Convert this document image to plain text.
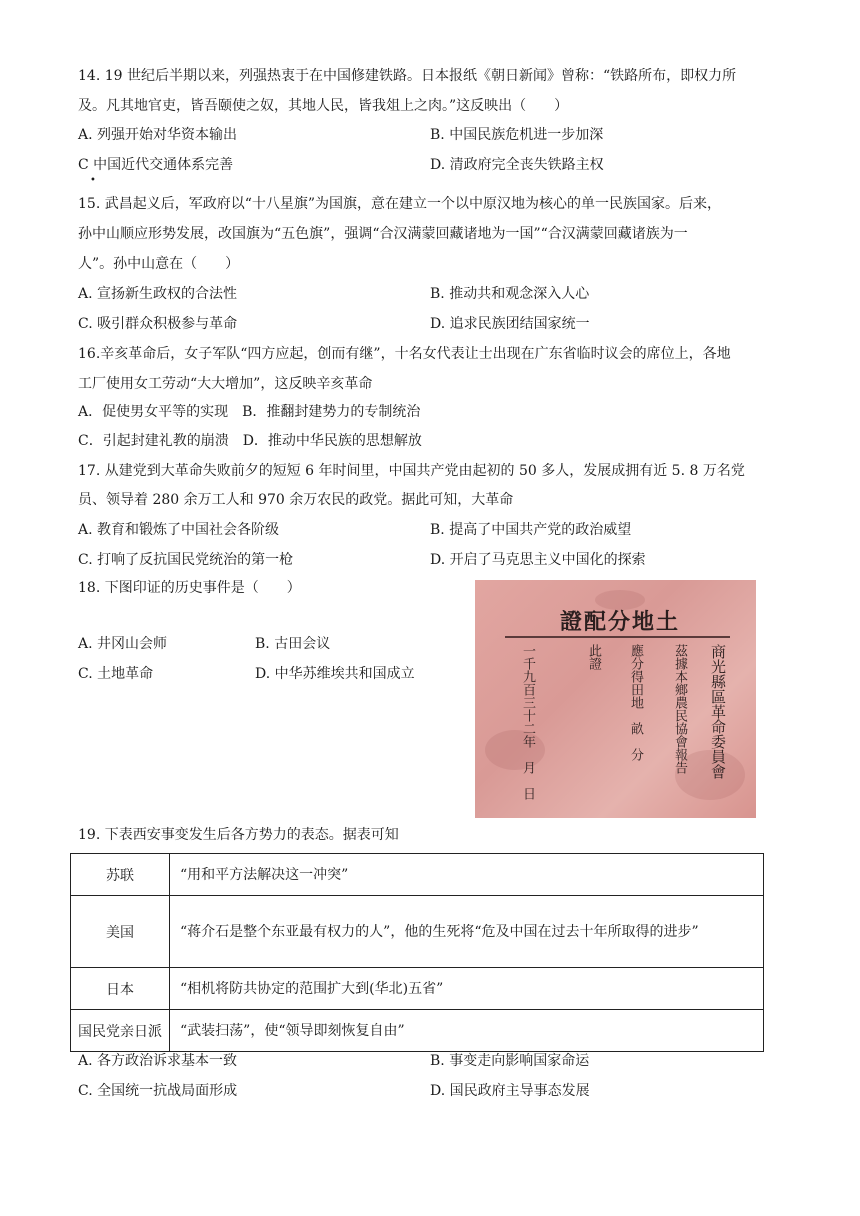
14. 19 世纪后半期以来，列强热衷于在中国修建铁路。日本报纸《朝日新闻》曾称：“铁路所布，即权力所
及。凡其地官吏，皆吾颐使之奴，其地人民，皆我俎上之肉。”这反映出（　　）
A. 列强开始对华资本输出	B. 中国民族危机进一步加深
C 中国近代交通体系完善
•
D. 清政府完全丧失铁路主权
15. 武昌起义后，军政府以“十八星旗”为国旗，意在建立一个以中原汉地为核心的单一民族国家。后来，
孙中山顺应形势发展，改国旗为“五色旗”，强调“合汉满蒙回藏诸地为一国”“合汉满蒙回藏诸族为一
人”。孙中山意在（　　）
A. 宣扬新生政权的合法性	B. 推动共和观念深入人心
C. 吸引群众积极参与革命	D. 追求民族团结国家统一
16.辛亥革命后，女子军队“四方应起，创而有继”，十名女代表让士出现在广东省临时议会的席位上，各地
工厂使用女工劳动“大大增加”，这反映辛亥革命
A．促使男女平等的实现　B．推翻封建势力的专制统治
C．引起封建礼教的崩溃　D．推动中华民族的思想解放
17. 从建党到大革命失败前夕的短短 6 年时间里，中国共产党由起初的 50 多人，发展成拥有近 5. 8 万名党
员、领导着 280 余万工人和 970 余万农民的政党。据此可知，大革命
A. 教育和锻炼了中国社会各阶级	B. 提高了中国共产党的政治威望
C. 打响了反抗国民党统治的第一枪	D. 开启了马克思主义中国化的探索
18. 下图印证的历史事件是（　　）
A. 井冈山会师	B. 古田会议
C. 土地革命	D. 中华苏维埃共和国成立
證配分地土
商光縣區革命委員會
茲據本鄉農民協會報告
應分得田地　畝　分
此證
一千九百三十二年　月　日
19. 下表西安事变发生后各方势力的表态。据表可知
苏联	“用和平方法解决这一冲突”
美国	“蒋介石是整个东亚最有权力的人”，他的生死将“危及中国在过去十年所取得的进步”
日本	“相机将防共协定的范围扩大到(华北)五省”
国民党亲日派	“武装扫荡”，使“领导即刻恢复自由”
A. 各方政治诉求基本一致	B. 事变走向影响国家命运
C. 全国统一抗战局面形成	D. 国民政府主导事态发展
